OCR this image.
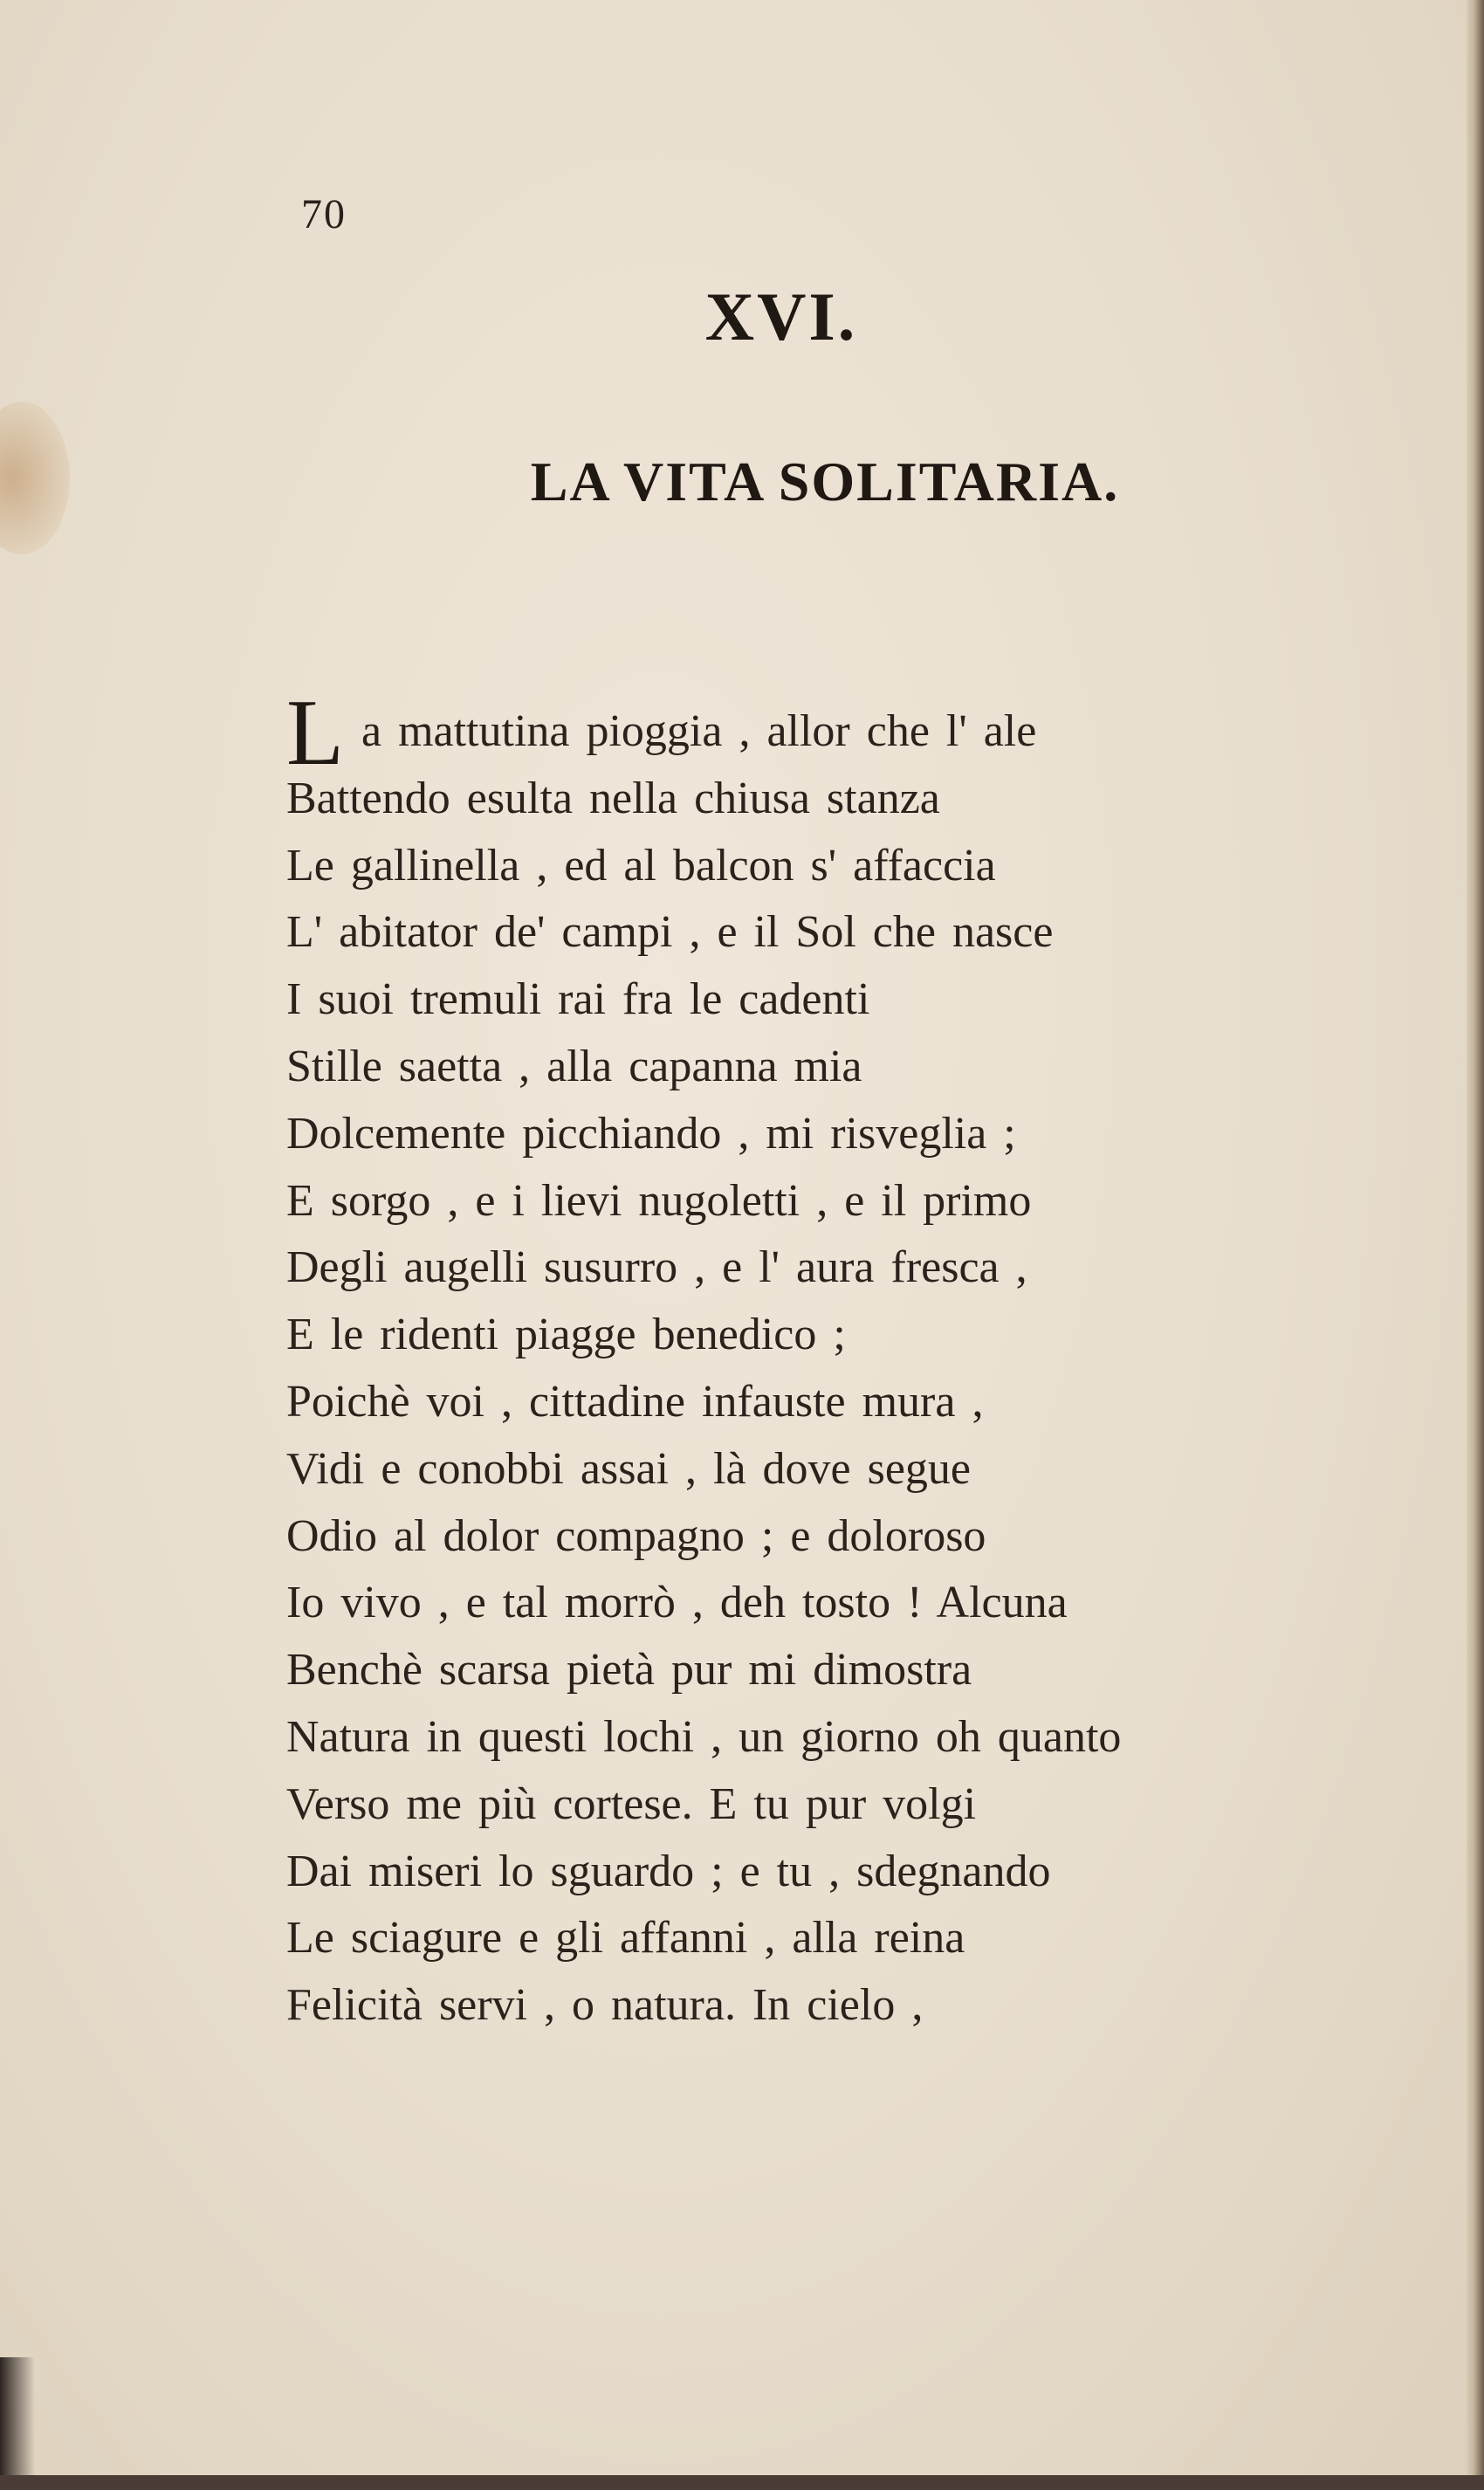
70
XVI.
LA VITA SOLITARIA.
L a mattutina pioggia , allor che l' ale
Battendo esulta nella chiusa stanza
Le gallinella , ed al balcon s' affaccia
L' abitator de' campi , e il Sol che nasce
I suoi tremuli rai fra le cadenti
Stille saetta , alla capanna mia
Dolcemente picchiando , mi risveglia ;
E sorgo , e i lievi nugoletti , e il primo
Degli augelli susurro , e l' aura fresca ,
E le ridenti piagge benedico ;
Poichè voi , cittadine infauste mura ,
Vidi e conobbi assai , là dove segue
Odio al dolor compagno ; e doloroso
Io vivo , e tal morrò , deh tosto ! Alcuna
Benchè scarsa pietà pur mi dimostra
Natura in questi lochi , un giorno oh quanto
Verso me più cortese. E tu pur volgi
Dai miseri lo sguardo ; e tu , sdegnando
Le sciagure e gli affanni , alla reina
Felicità servi , o natura. In cielo ,
